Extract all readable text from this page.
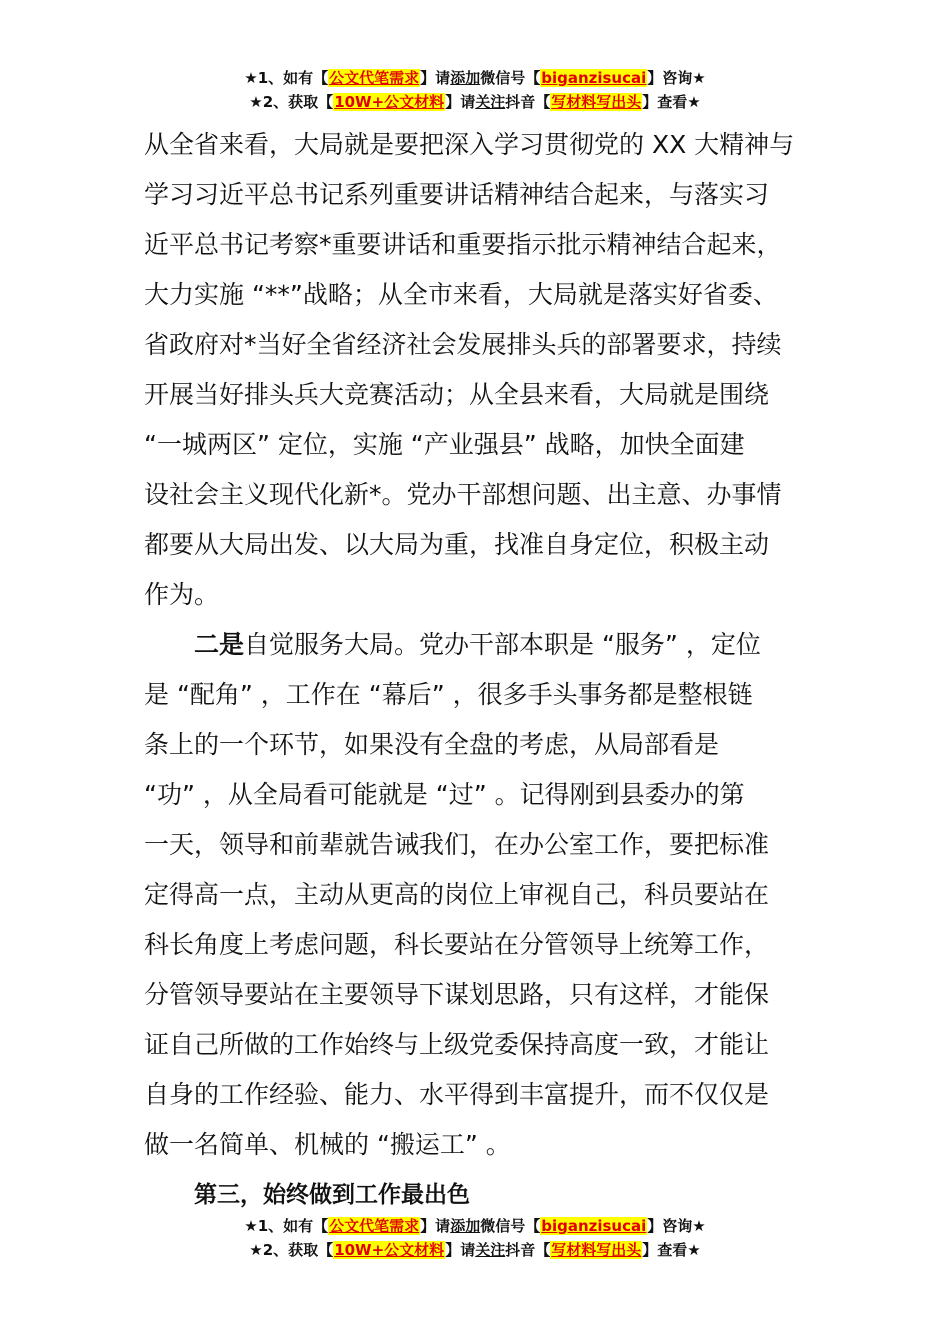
★1、如有【公文代笔需求】请添加微信号【biganzisucai】咨询★
★2、获取【10W+公文材料】请关注抖音【写材料写出头】查看★

从全省来看，大局就是要把深入学习贯彻党的 XX 大精神与

学习习近平总书记系列重要讲话精神结合起来，与落实习

近平总书记考察*重要讲话和重要指示批示精神结合起来，

大力实施 “**”战略；从全市来看，大局就是落实好省委、

省政府对*当好全省经济社会发展排头兵的部署要求，持续

开展当好排头兵大竞赛活动；从全县来看，大局就是围绕

“一城两区” 定位，实施 “产业强县” 战略，加快全面建

设社会主义现代化新*。党办干部想问题、出主意、办事情

都要从大局出发、以大局为重，找准自身定位，积极主动

作为。

二是自觉服务大局。党办干部本职是 “服务” ，定位

是 “配角” ，工作在 “幕后” ，很多手头事务都是整根链

条上的一个环节，如果没有全盘的考虑，从局部看是

“功” ，从全局看可能就是 “过” 。记得刚到县委办的第

一天，领导和前辈就告诫我们，在办公室工作，要把标准

定得高一点，主动从更高的岗位上审视自己，科员要站在

科长角度上考虑问题，科长要站在分管领导上统筹工作，

分管领导要站在主要领导下谋划思路，只有这样，才能保

证自己所做的工作始终与上级党委保持高度一致，才能让

自身的工作经验、能力、水平得到丰富提升，而不仅仅是

做一名简单、机械的 “搬运工” 。

第三，始终做到工作最出色

★1、如有【公文代笔需求】请添加微信号【biganzisucai】咨询★
★2、获取【10W+公文材料】请关注抖音【写材料写出头】查看★
